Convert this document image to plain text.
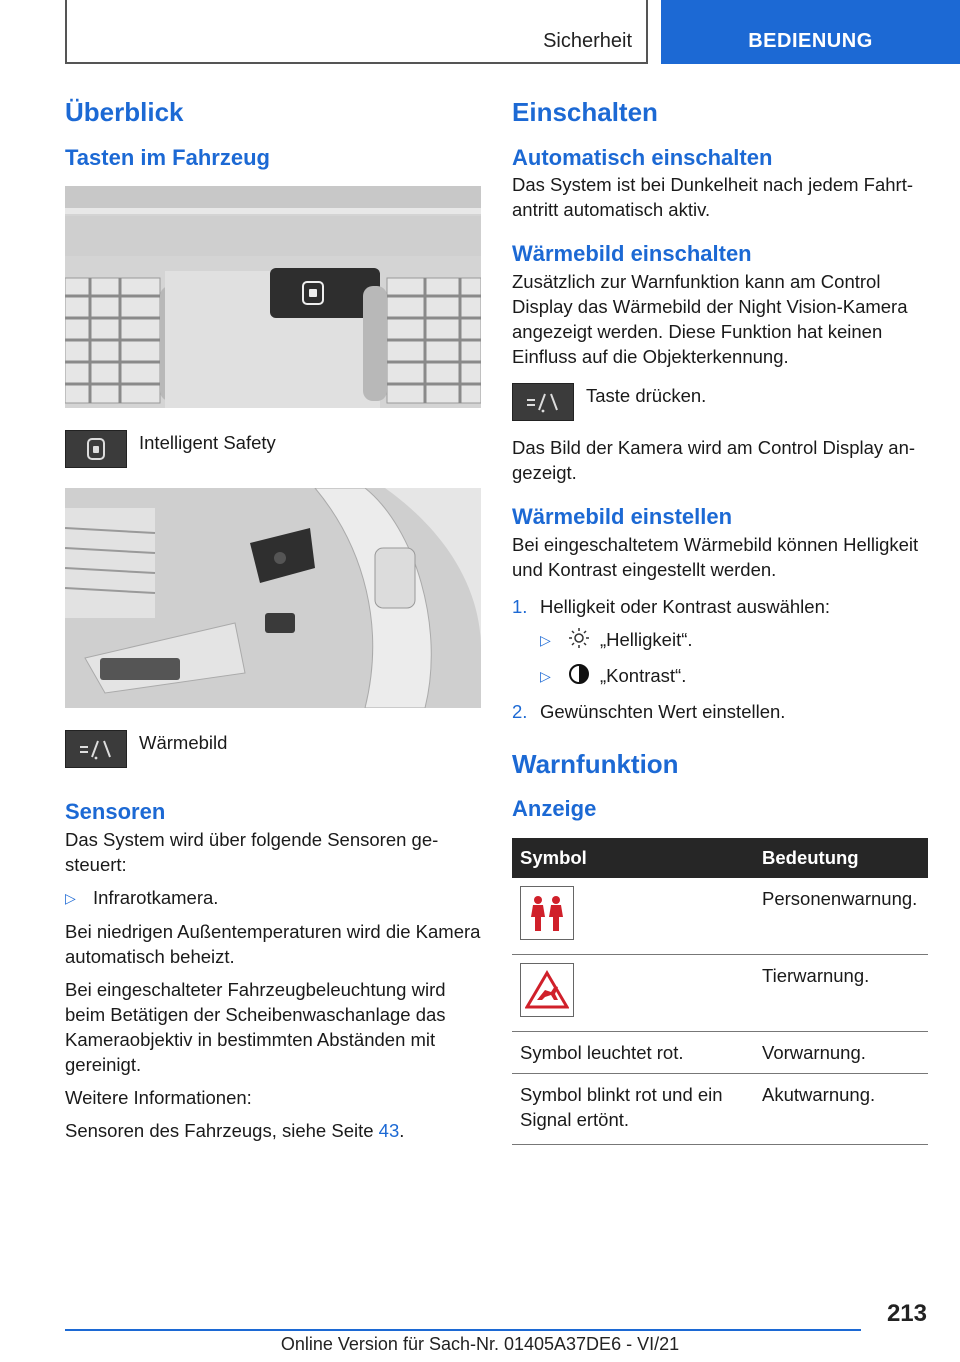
Sicherheit	BEDIENUNG
Überblick
Tasten im Fahrzeug
Intelligent Safety
Wärmebild
Sensoren

Das System wird über folgende Sensoren gesteuert:

▷ Infrarotkamera.

Bei niedrigen Außentemperaturen wird die Kamera automatisch beheizt.

Bei eingeschalteter Fahrzeugbeleuchtung wird beim Betätigen der Scheibenwaschanlage das Kameraobjektiv in bestimmten Abständen mit gereinigt.

Weitere Informationen:

Sensoren des Fahrzeugs, siehe Seite 43.

Einschalten
Automatisch einschalten

Das System ist bei Dunkelheit nach jedem Fahrtantritt automatisch aktiv.

Wärmebild einschalten

Zusätzlich zur Warnfunktion kann am Control Display das Wärmebild der Night Vision-Kamera angezeigt werden. Diese Funktion hat keinen Einfluss auf die Objekterkennung.

Taste drücken.

Das Bild der Kamera wird am Control Display angezeigt.

Wärmebild einstellen

Bei eingeschaltetem Wärmebild können Helligkeit und Kontrast eingestellt werden.

1. Helligkeit oder Kontrast auswählen:
▷	„Helligkeit“.
▷	„Kontrast“.
2. Gewünschten Wert einstellen.
Warnfunktion
Anzeige
Symbol	Bedeutung

	Personenwarnung.

	Tierwarnung.
Symbol leuchtet rot.	Vorwarnung.
Symbol blinkt rot und ein Signal ertönt.	Akutwarnung.
213
Online Version für Sach-Nr. 01405A37DE6 - VI/21
